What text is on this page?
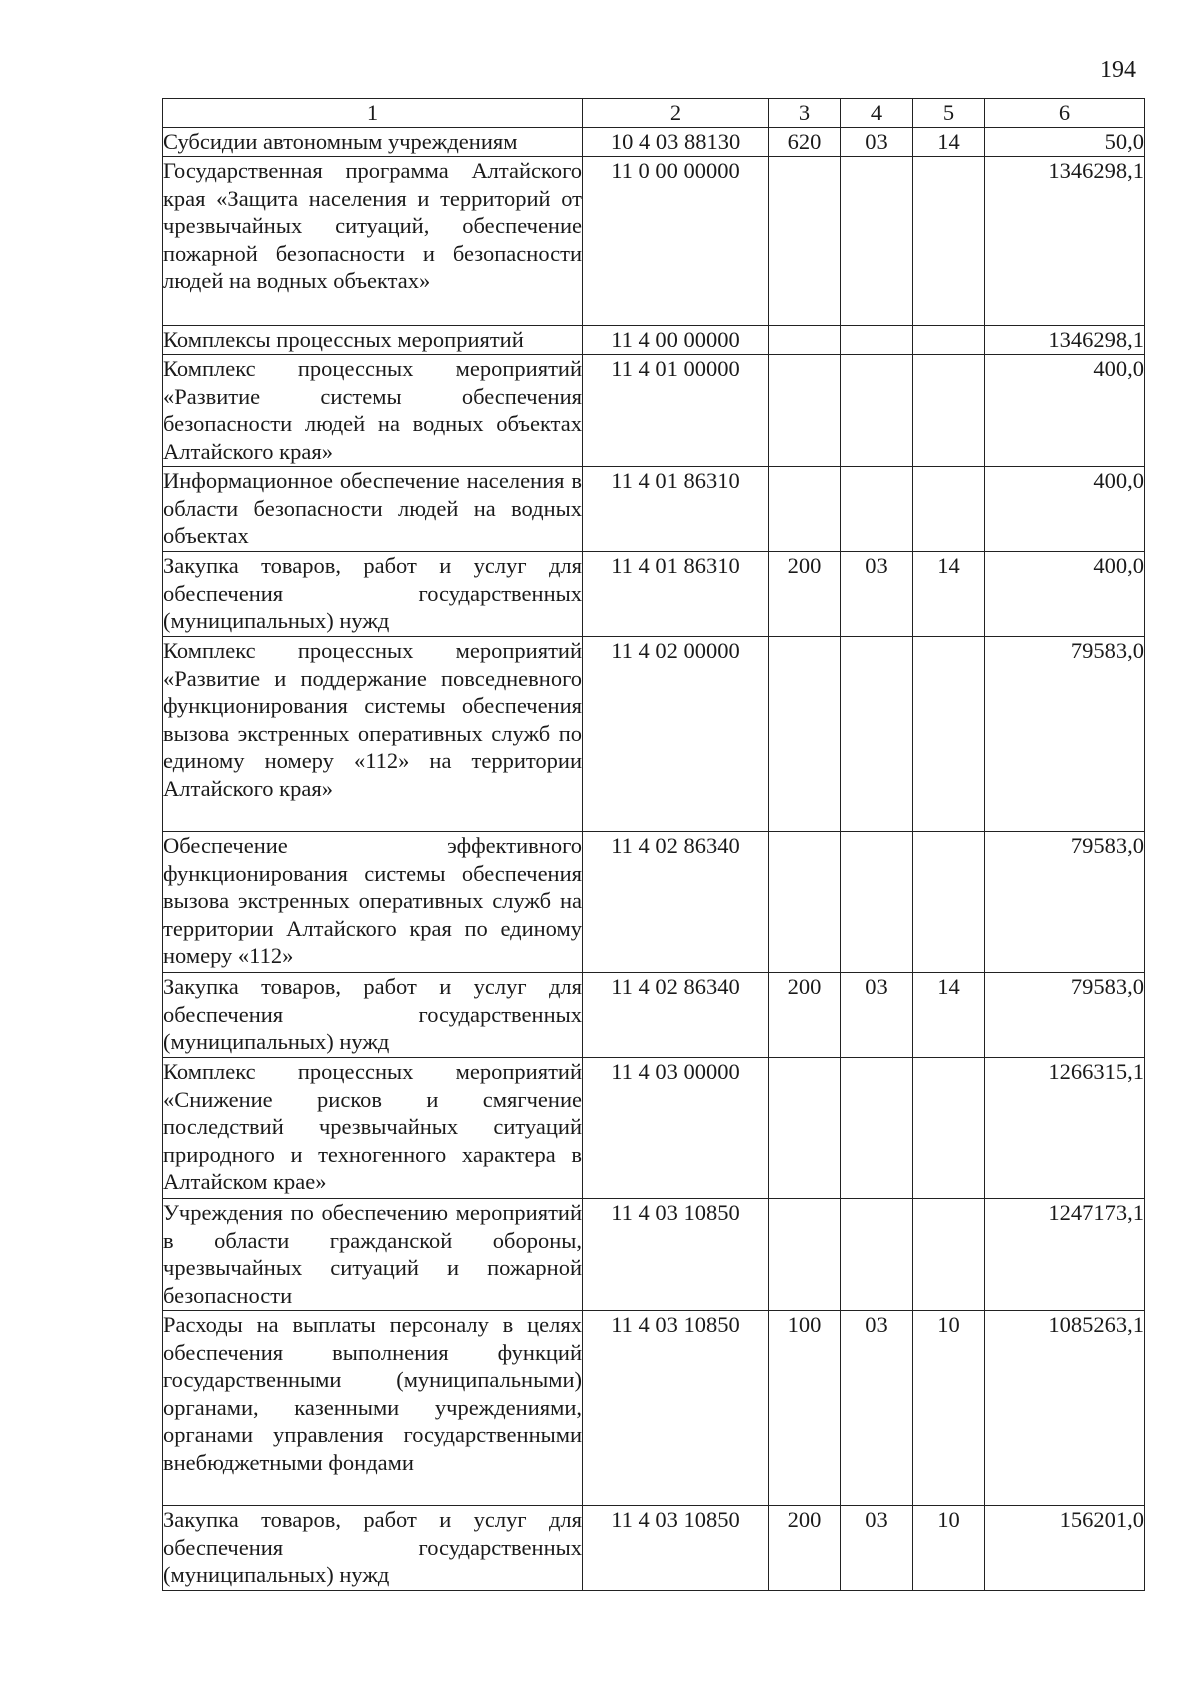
194
1	2	3	4	5	6
Субсидии автономным учреждениям	10 4 03 88130	620	03	14	50,0
Государственная программа Алтайского края «Защита населения и территорий от чрезвычайных ситуаций, обеспечение пожарной безопасности и безопасности людей на водных объектах»	11 0 00 00000				1346298,1
Комплексы процессных мероприятий	11 4 00 00000				1346298,1
Комплекс процессных мероприятий «Развитие системы обеспечения безопасности людей на водных объектах Алтайского края»	11 4 01 00000				400,0
Информационное обеспечение населения в области безопасности людей на водных объектах	11 4 01 86310				400,0
Закупка товаров, работ и услуг для обеспечения государственных (муниципальных) нужд	11 4 01 86310	200	03	14	400,0
Комплекс процессных мероприятий «Развитие и поддержание повседневного функционирования системы обеспечения вызова экстренных оперативных служб по единому номеру «112» на территории Алтайского края»	11 4 02 00000				79583,0
Обеспечение эффективного функционирования системы обеспечения вызова экстренных оперативных служб на территории Алтайского края по единому номеру «112»	11 4 02 86340				79583,0
Закупка товаров, работ и услуг для обеспечения государственных (муниципальных) нужд	11 4 02 86340	200	03	14	79583,0
Комплекс процессных мероприятий «Снижение рисков и смягчение последствий чрезвычайных ситуаций природного и техногенного характера в Алтайском крае»	11 4 03 00000				1266315,1
Учреждения по обеспечению мероприятий в области гражданской обороны, чрезвычайных ситуаций и пожарной безопасности	11 4 03 10850				1247173,1
Расходы на выплаты персоналу в целях обеспечения выполнения функций государственными (муниципальными) органами, казенными учреждениями, органами управления государственными внебюджетными фондами	11 4 03 10850	100	03	10	1085263,1
Закупка товаров, работ и услуг для обеспечения государственных (муниципальных) нужд	11 4 03 10850	200	03	10	156201,0
